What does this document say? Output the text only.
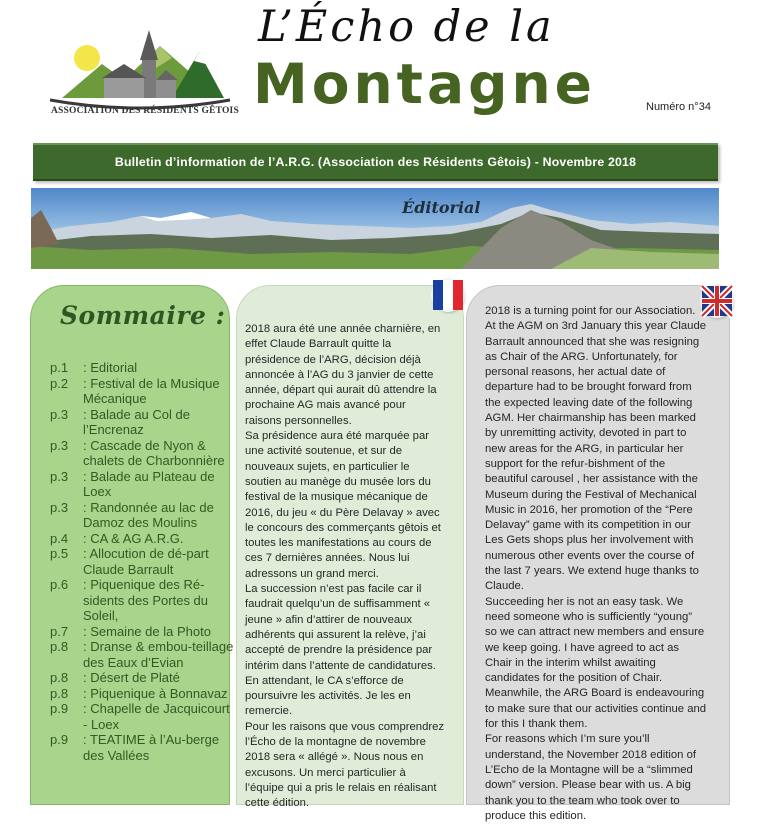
ASSOCIATION DES RÉSIDENTS GÊTOIS
L’Écho de la
Montagne	Numéro n°34
Bulletin d’information de l’A.R.G. (Association des Résidents Gêtois) - Novembre 2018
Éditorial
Sommaire :
p.1	: Editorial
p.2	: Festival de la Musique Mécanique
p.3	: Balade au Col de l’Encrenaz
p.3	: Cascade de Nyon & chalets de Charbonnière
p.3	: Balade au Plateau de Loex
p.3	: Randonnée au lac de Damoz des Moulins
p.4	: CA & AG A.R.G.
p.5	: Allocution de dé-part Claude Barrault
p.6	: Piquenique des Ré-sidents des Portes du Soleil,
p.7	: Semaine de la Photo
p.8	: Dranse & embou-teillage des Eaux d’Evian
p.8	: Désert de Platé
p.8	: Piquenique à Bonnavaz
p.9	: Chapelle de Jacquicourt - Loex
p.9	: TEATIME à l’Au-berge des Vallées

2018 aura été une année charnière, en effet Claude Barrault quitte la présidence de l’ARG, décision déjà annoncée à l’AG du 3 janvier de cette année, départ qui aurait dû attendre la prochaine AG mais avancé pour raisons personnelles.

Sa présidence aura été marquée par une activité soutenue, et sur de nouveaux sujets, en particulier le soutien au manège du musée lors du festival de la musique mécanique de 2016, du jeu « du Père Delavay » avec le concours des commerçants gêtois et toutes les manifestations au cours de ces 7 dernières années. Nous lui adressons un grand merci.

La succession n’est pas facile car il faudrait quelqu’un de suffisamment « jeune » afin d’attirer de nouveaux adhérents qui assurent la relève, j’ai accepté de prendre la présidence par intérim dans l’attente de candidatures. En attendant, le CA s’efforce de poursuivre les activités. Je les en remercie.

Pour les raisons que vous comprendrez l’Écho de la montagne de novembre 2018 sera « allégé ». Nous nous en excusons. Un merci particulier à l’équipe qui a pris le relais en réalisant cette édition.

2018 is a turning point for our Association. At the AGM on 3rd January this year Claude Barrault announced that she was resigning as Chair of the ARG. Unfortunately, for personal reasons, her actual date of departure had to be brought forward from the expected leaving date of the following AGM. Her chairmanship has been marked by unremitting activity, devoted in part to new areas for the ARG, in particular her support for the refur-bishment of the beautiful carousel , her assistance with the Museum during the Festival of Mechanical Music in 2016, her promotion of the “Pere Delavay” game with its competition in our Les Gets shops plus her involvement with numerous other events over the course of the last 7 years. We extend huge thanks to Claude.

Succeeding her is not an easy task. We need someone who is sufficiently “young” so we can attract new members and ensure we keep going. I have agreed to act as Chair in the interim whilst awaiting candidates for the position of Chair. Meanwhile, the ARG Board is endeavouring to make sure that our activities continue and for this I thank them.

For reasons which I’m sure you’ll understand, the November 2018 edition of L’Echo de la Montagne will be a “slimmed down” version. Please bear with us. A big thank you to the team who took over to produce this edition.
